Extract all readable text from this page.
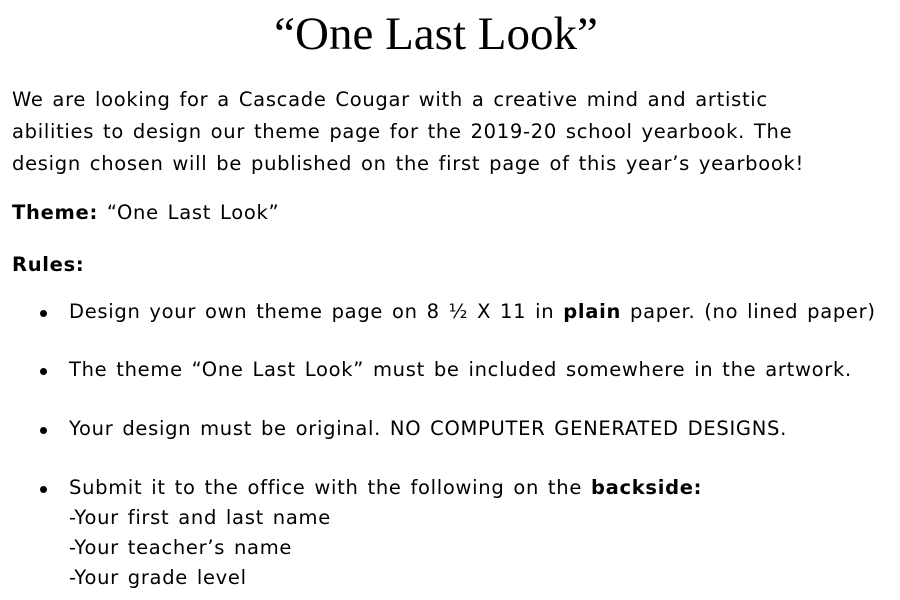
“One Last Look”
We are looking for a Cascade Cougar with a creative mind and artistic
abilities to design our theme page for the 2019-20 school yearbook. The
design chosen will be published on the first page of this year’s yearbook!
Theme: “One Last Look”
Rules:
Design your own theme page on 8 ½ X 11 in plain paper. (no lined paper)
The theme “One Last Look” must be included somewhere in the artwork.
Your design must be original. NO COMPUTER GENERATED DESIGNS.
Submit it to the office with the following on the backside:
-Your first and last name
-Your teacher’s name
-Your grade level
